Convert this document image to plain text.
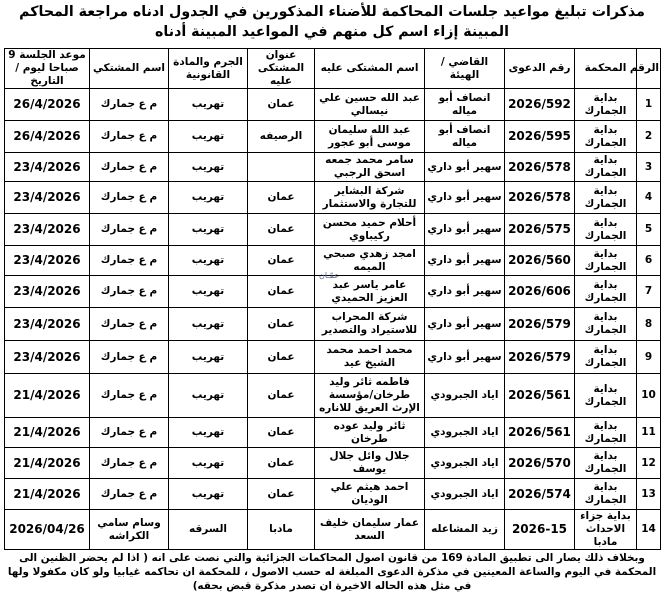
مذكرات تبليغ مواعيد جلسات المحاكمة للأضناء المذكورين في الجدول ادناه مراجعة المحاكم المبينة إزاء اسم كل منهم في المواعيد المبينة أدناه
الرقم	المحكمة	رقم الدعوى	القاضي / الهيئة	اسم المشتكى عليه	عنوان المشتكى عليه	الجرم والمادة القانونية	اسم المشتكي	موعد الجلسة 9 صباحا ليوم / التاريخ
1	بداية الجمارك	2026/592	انصاف أبو مياله	عبد الله حسين علي نيسالي	عمان	تهريب	م ع جمارك	26/4/2026
2	بداية الجمارك	2026/595	انصاف أبو مياله	عبد الله سليمان موسى أبو عجور	الرصيفه	تهريب	م ع جمارك	26/4/2026
3	بداية الجمارك	2026/578	سهير أبو داري	سامر محمد جمعه اسحق الرجبي		تهريب	م ع جمارك	23/4/2026
4	بداية الجمارك	2026/578	سهير أبو داري	شركة البشاير للتجارة والاستثمار	عمان	تهريب	م ع جمارك	23/4/2026
5	بداية الجمارك	2026/575	سهير أبو داري	أحلام حميد محسن ركيباوي	عمان	تهريب	م ع جمارك	23/4/2026
6	بداية الجمارك	2026/560	سهير أبو داري	امجد زهدي صبحي الميمه	عمان	تهريب	م ع جمارك	23/4/2026
7	بداية الجمارك	2026/606	سهير أبو داري	عامر ياسر عبد العزيز الحميدي	عمان	تهريب	م ع جمارك	23/4/2026
8	بداية الجمارك	2026/579	سهير أبو داري	شركة المحراب للاستيراد والتصدير	عمان	تهريب	م ع جمارك	23/4/2026
9	بداية الجمارك	2026/579	سهير أبو داري	محمد احمد محمد الشيخ عيد	عمان	تهريب	م ع جمارك	23/4/2026
10	بداية الجمارك	2026/561	اياد الجبرودي	فاطمه ثائر وليد طرخان/مؤسسة الإرث العريق للاناره	عمان	تهريب	م ع جمارك	21/4/2026
11	بداية الجمارك	2026/561	اياد الجبرودي	ثائر وليد عوده طرخان	عمان	تهريب	م ع جمارك	21/4/2026
12	بداية الجمارك	2026/570	اياد الجبرودي	جلال وائل جلال يوسف	عمان	تهريب	م ع جمارك	21/4/2026
13	بداية الجمارك	2026/574	اياد الجبرودي	احمد هيثم علي الوديان	عمان	تهريب	م ع جمارك	21/4/2026
14	بداية جزاء الاحداث مادبا	2026-15	زيد المشاعله	عمار سليمان خليف السعد	مادبا	السرقه	وسام سامي الكراشه	2026/04/26
عمّـان
وبخلاف ذلك يصار الى تطبيق المادة 169 من قانون اصول المحاكمات الجزائية والتي نصت على انه ( اذا لم يحضر الظنين الى المحكمة في اليوم والساعة المعينين في مذكرة الدعوى المبلغة له حسب الاصول ، للمحكمة ان تحاكمه غيابيا ولو كان مكفولا ولها في مثل هذه الحاله الاخيرة ان تصدر مذكرة قبض بحقه)
